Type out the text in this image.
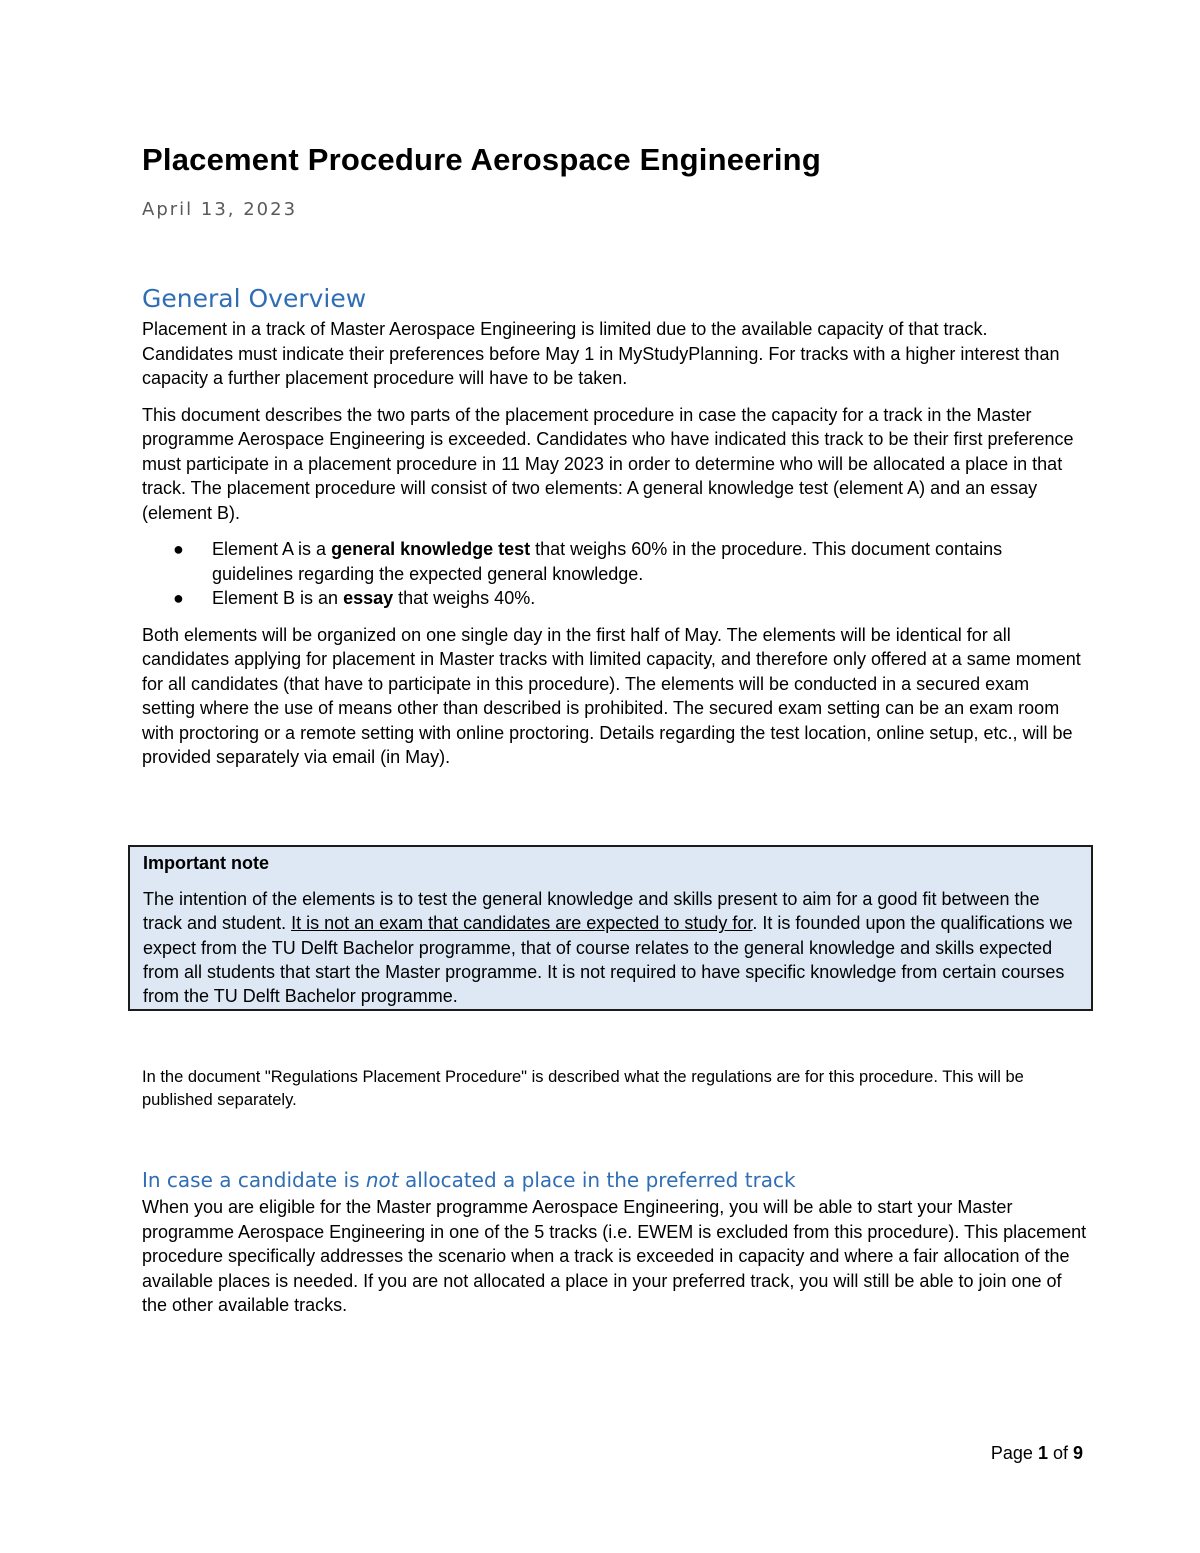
Placement Procedure Aerospace Engineering
April 13, 2023
General Overview

Placement in a track of Master Aerospace Engineering is limited due to the available capacity of that track. Candidates must indicate their preferences before May 1 in MyStudyPlanning. For tracks with a higher interest than capacity a further placement procedure will have to be taken.

This document describes the two parts of the placement procedure in case the capacity for a track in the Master programme Aerospace Engineering is exceeded. Candidates who have indicated this track to be their first preference must participate in a placement procedure in 11 May 2023 in order to determine who will be allocated a place in that track. The placement procedure will consist of two elements: A general knowledge test (element A) and an essay (element B).

● Element A is a general knowledge test that weighs 60% in the procedure. This document contains guidelines regarding the expected general knowledge.
● Element B is an essay that weighs 40%.

Both elements will be organized on one single day in the first half of May. The elements will be identical for all candidates applying for placement in Master tracks with limited capacity, and therefore only offered at a same moment for all candidates (that have to participate in this procedure). The elements will be conducted in a secured exam setting where the use of means other than described is prohibited. The secured exam setting can be an exam room with proctoring or a remote setting with online proctoring. Details regarding the test location, online setup, etc., will be provided separately via email (in May).

Important note
The intention of the elements is to test the general knowledge and skills present to aim for a good fit between the track and student. It is not an exam that candidates are expected to study for. It is founded upon the qualifications we expect from the TU Delft Bachelor programme, that of course relates to the general knowledge and skills expected from all students that start the Master programme. It is not required to have specific knowledge from certain courses from the TU Delft Bachelor programme.

In the document "Regulations Placement Procedure" is described what the regulations are for this procedure. This will be published separately.

In case a candidate is not allocated a place in the preferred track

When you are eligible for the Master programme Aerospace Engineering, you will be able to start your Master programme Aerospace Engineering in one of the 5 tracks (i.e. EWEM is excluded from this procedure). This placement procedure specifically addresses the scenario when a track is exceeded in capacity and where a fair allocation of the available places is needed. If you are not allocated a place in your preferred track, you will still be able to join one of the other available tracks.

Page 1 of 9
